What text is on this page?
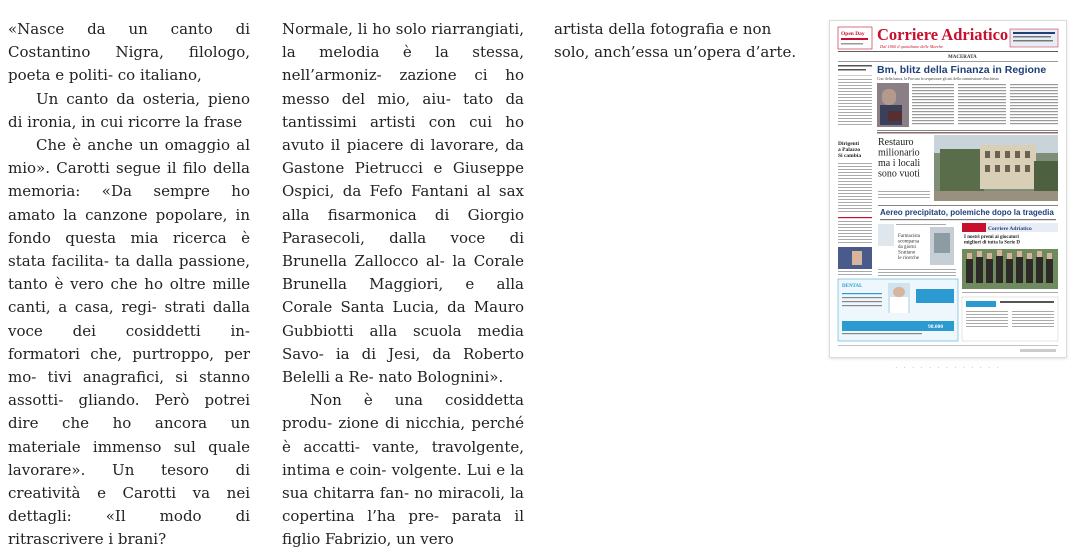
«Nasce da un canto di Costantino Nigra, filologo, poeta e politi- co italiano,

Un canto da osteria, pieno di ironia, in cui ricorre la frase

Che è anche un omaggio al mio». Carotti segue il filo della memoria: «Da sempre ho amato la canzone popolare, in fondo questa mia ricerca è stata facilita- ta dalla passione, tanto è vero che ho oltre mille canti, a casa, regi- strati dalla voce dei cosiddetti in- formatori che, purtroppo, per mo- tivi anagrafici, si stanno assotti- gliando. Però potrei dire che ho ancora un materiale immenso sul quale lavorare». Un tesoro di creatività e Carotti va nei dettagli: «Il modo di ritrascrivere i brani?

Normale, li ho solo riarrangiati, la melodia è la stessa, nell’armoniz- zazione ci ho messo del mio, aiu- tato da tantissimi artisti con cui ho avuto il piacere di lavorare, da Gastone Pietrucci e Giuseppe Ospici, da Fefo Fantani al sax alla fisarmonica di Giorgio Parasecoli, dalla voce di Brunella Zallocco al- la Corale Brunella Maggiori, e alla Corale Santa Lucia, da Mauro Gubbiotti alla scuola media Savo- ia di Jesi, da Roberto Belelli a Re- nato Bolognini».

Non è una cosiddetta produ- zione di nicchia, perché è accatti- vante, travolgente, intima e coin- volgente. Lui e la sua chitarra fan- no miracoli, la copertina l’ha pre- parata il figlio Fabrizio, un vero

artista della fotografia e non solo, anch’essa un’opera d’arte.

Open Day Corriere Adriatico
Dal 1860 il quotidiano delle Marche
MACERATA
Bm, blitz della Finanza in Regione
Crac della banca, la Procura fa sequestrare gli atti della commissione d'inchiesta
Dirigenti a Palazzo Si cambia
Restauro milionario ma i locali sono vuoti
Aereo precipitato, polemiche dopo la tragedia
Farmacista scomparsa da giorni Scattano le ricerche
Corriere Adriatico
I nostri premi ai giocatori migliori di tutta la Serie D
DENTAL
98.000
· · · · · · · · · · · · ·
